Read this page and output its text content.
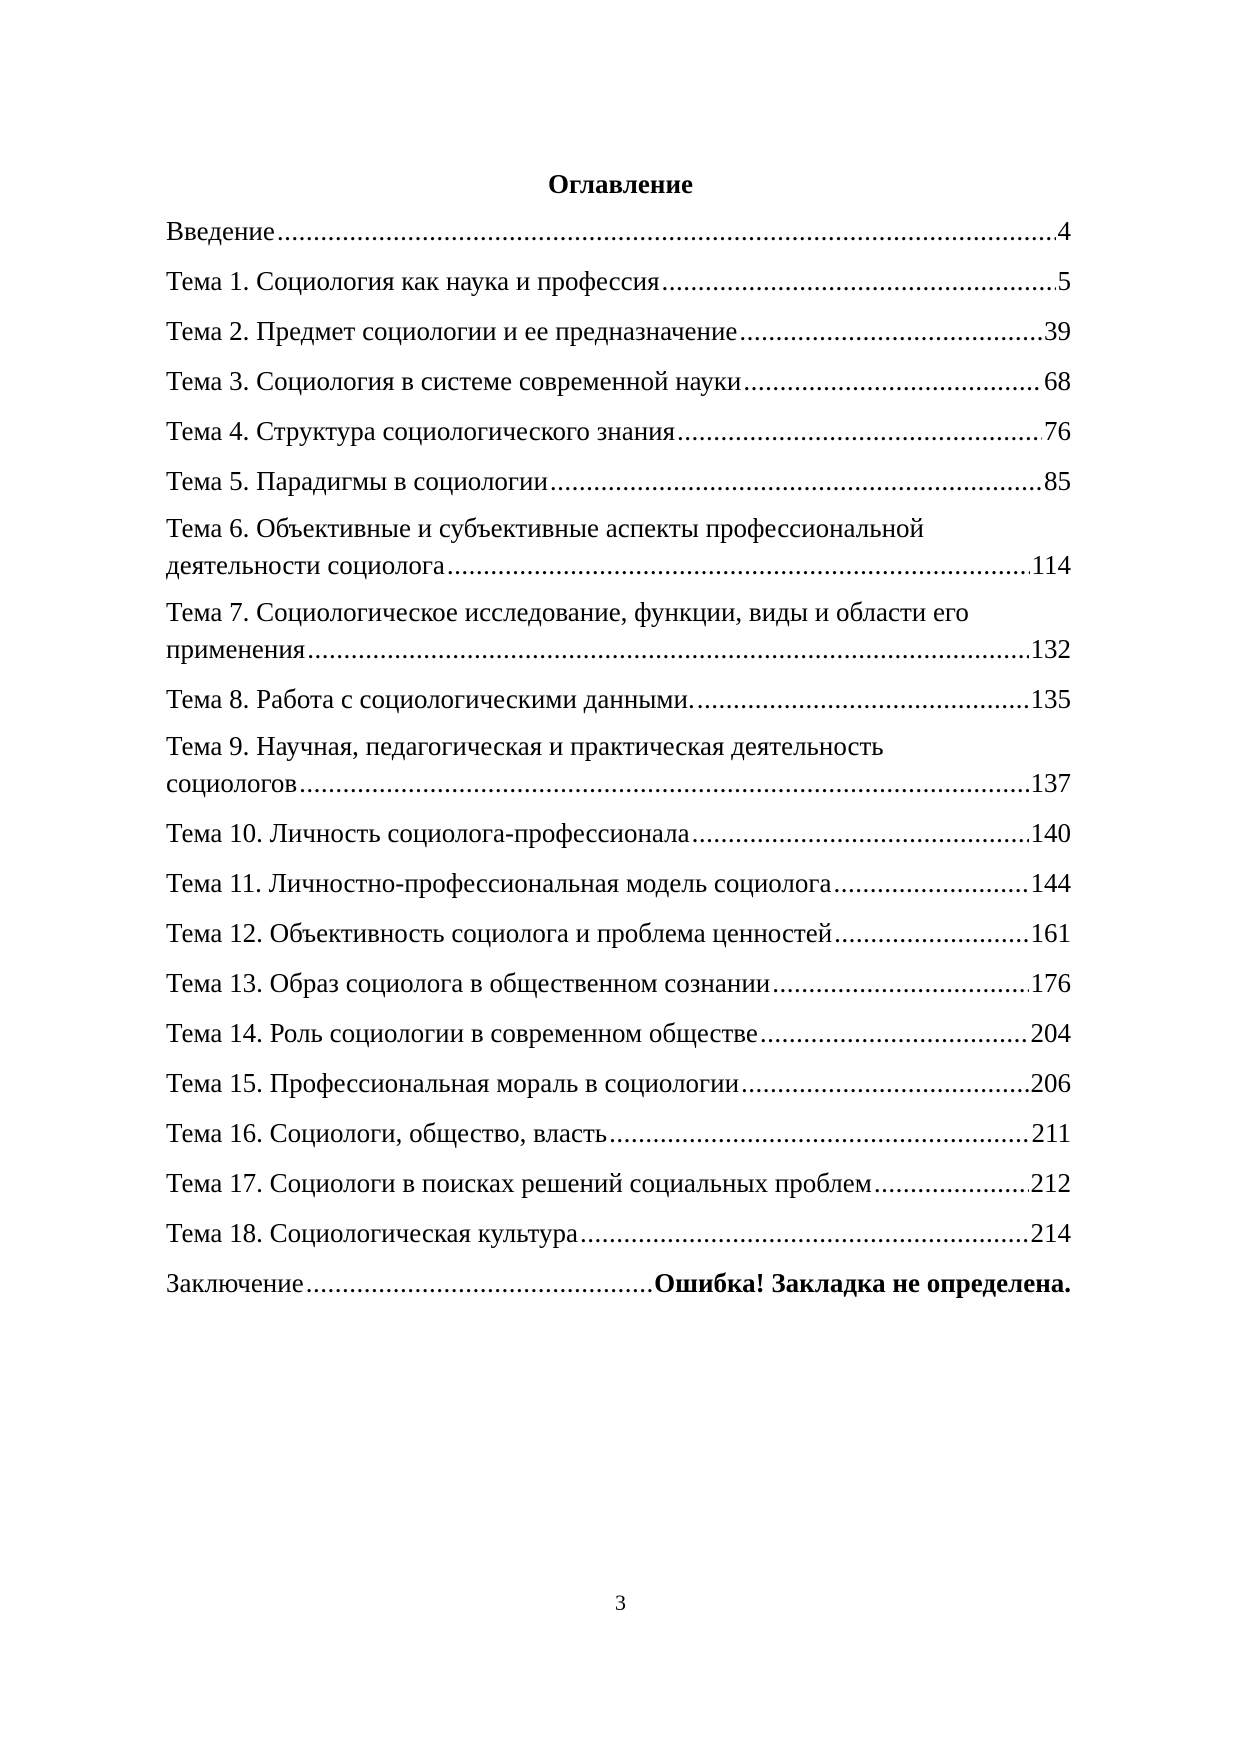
Оглавление
Введение .....	4
Тема 1. Социология как наука и профессия .....	5
Тема 2. Предмет социологии и ее предназначение .....	39
Тема 3. Социология в системе современной науки .....	68
Тема 4. Структура социологического знания .....	76
Тема 5. Парадигмы в социологии .....	85
Тема 6. Объективные и субъективные аспекты профессиональной
деятельности социолога .....	114
Тема 7. Социологическое исследование, функции, виды и области его
применения .....	132
Тема 8. Работа с социологическими данными. .....	135
Тема 9. Научная, педагогическая и практическая деятельность
социологов .....	137
Тема 10. Личность социолога-профессионала .....	140
Тема 11. Личностно-профессиональная модель социолога .....	144
Тема 12. Объективность социолога и проблема ценностей .....	161
Тема 13. Образ социолога в общественном сознании .....	176
Тема 14. Роль социологии в современном обществе .....	204
Тема 15. Профессиональная мораль в социологии .....	206
Тема 16. Социологи, общество, власть .....	211
Тема 17. Социологи в поисках решений социальных проблем .....	212
Тема 18. Социологическая культура .....	214
Заключение .....	Ошибка! Закладка не определена.
3
